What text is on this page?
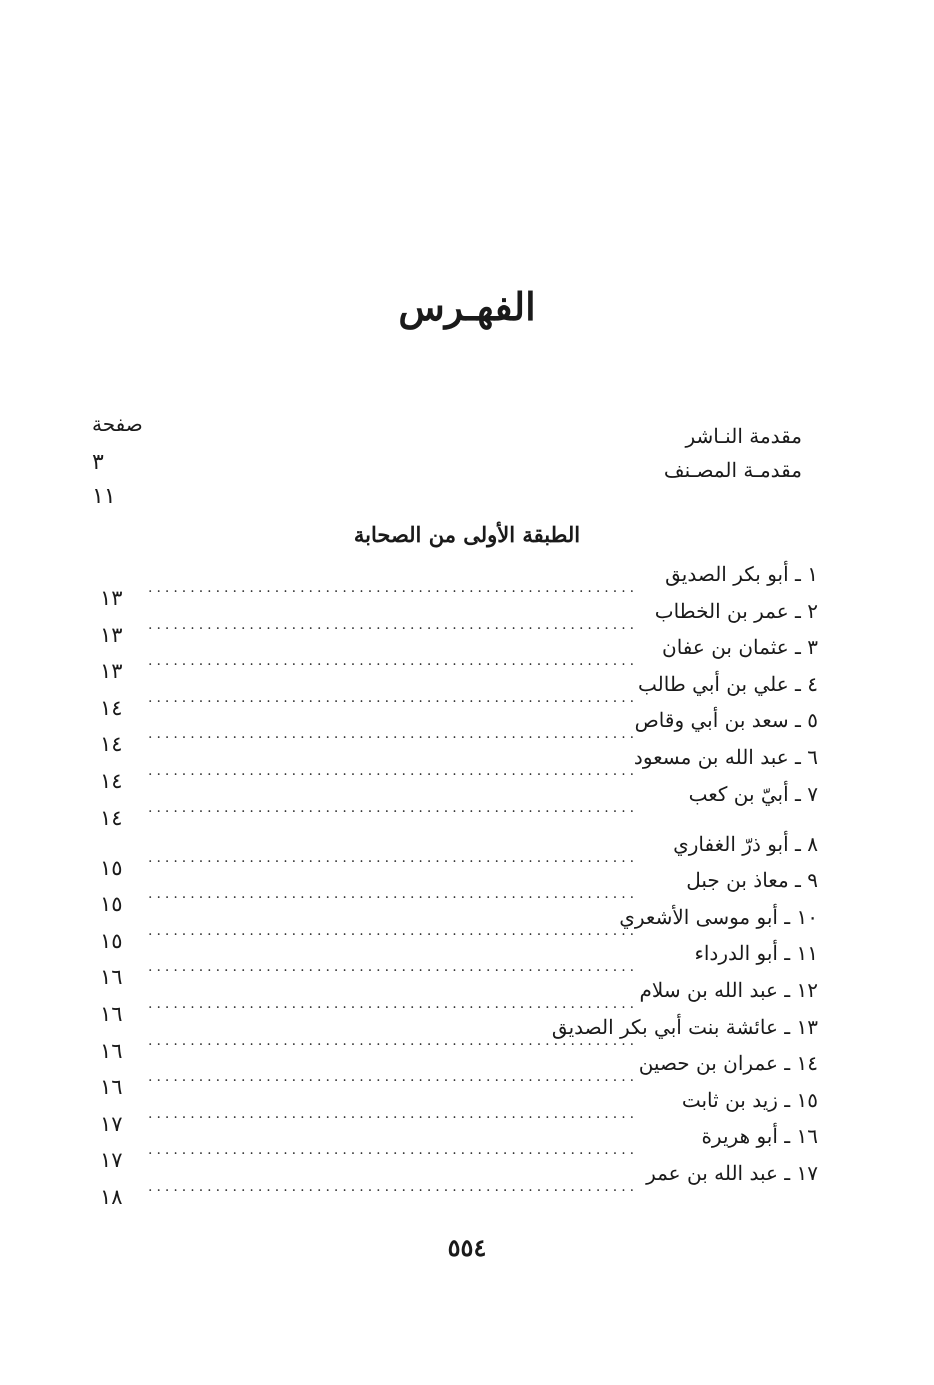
الفهـرس
صفحة	مقدمة النـاشر
٣	مقدمـة المصـنف
١١
الطبقة الأولى من الصحابة
١ ـ أبو بكر الصديق
.....
١٣
٢ ـ عمر بن الخطاب
.....
١٣
٣ ـ عثمان بن عفان
.....
١٣
٤ ـ علي بن أبي طالب
.....
١٤
٥ ـ سعد بن أبي وقاص
.....
١٤
٦ ـ عبد الله بن مسعود
.....
١٤
٧ ـ أبيّ بن كعب
.....
١٤
٨ ـ أبو ذرّ الغفاري
.....
١٥
٩ ـ معاذ بن جبل
.....
١٥
١٠ ـ أبو موسى الأشعري
.....
١٥
١١ ـ أبو الدرداء
.....
١٦
١٢ ـ عبد الله بن سلام
.....
١٦
١٣ ـ عائشة بنت أبي بكر الصديق
.....
١٦
١٤ ـ عمران بن حصين
.....
١٦
١٥ ـ زيد بن ثابت
.....
١٧
١٦ ـ أبو هريرة
.....
١٧
١٧ ـ عبد الله بن عمر
.....
١٨
٥٥٤
